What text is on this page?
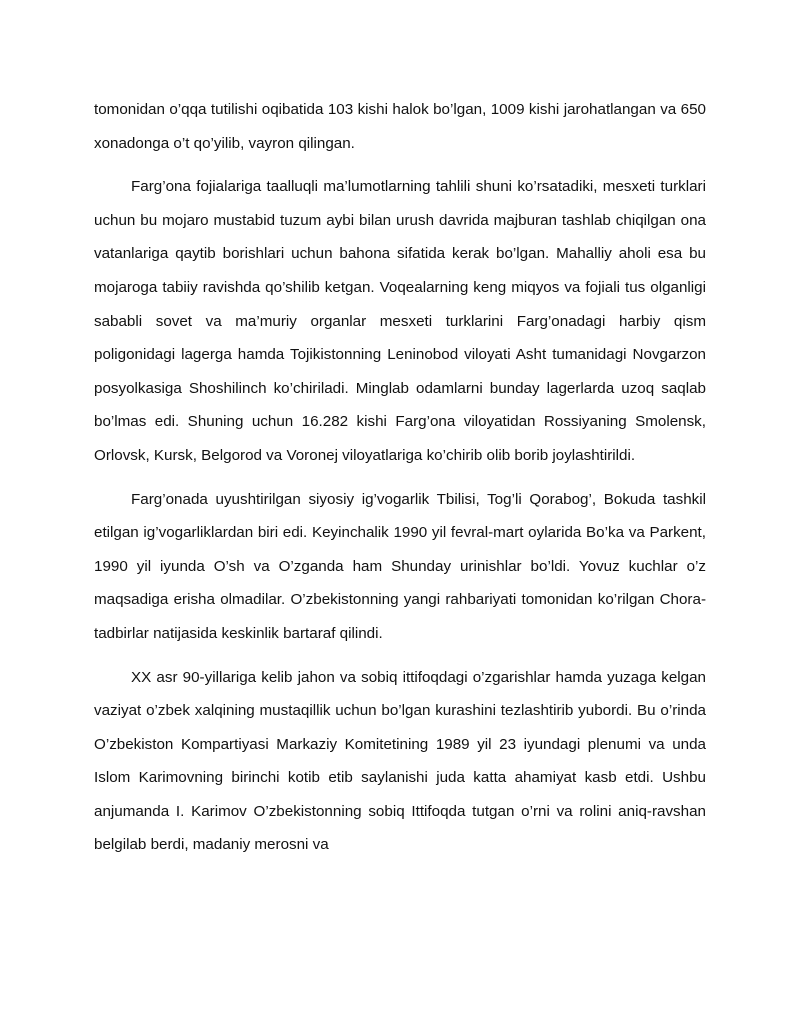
tomonidan o’qqa tutilishi oqibatida 103 kishi halok bo’lgan, 1009 kishi jarohatlangan va 650 xonadonga o’t qo’yilib, vayron qilingan.

Farg’ona fojialariga taalluqli ma’lumotlarning tahlili shuni ko’rsatadiki, mesxeti turklari uchun bu mojaro mustabid tuzum aybi bilan urush davrida majburan tashlab chiqilgan ona vatanlariga qaytib borishlari uchun bahona sifatida kerak bo’lgan. Mahalliy aholi esa bu mojaroga tabiiy ravishda qo’shilib ketgan. Voqealarning keng miqyos va fojiali tus olganligi sababli sovet va ma’muriy organlar mesxeti turklarini Farg’onadagi harbiy qism poligonidagi lagerga hamda Tojikistonning Leninobod viloyati Asht tumanidagi Novgarzon posyolkasiga Shoshilinch ko’chiriladi. Minglab odamlarni bunday lagerlarda uzoq saqlab bo’lmas edi. Shuning uchun 16.282 kishi Farg’ona viloyatidan Rossiyaning Smolensk, Orlovsk, Kursk, Belgorod va Voronej viloyatlariga ko’chirib olib borib joylashtirildi.

Farg’onada uyushtirilgan siyosiy ig’vogarlik Tbilisi, Tog’li Qorabog’, Bokuda tashkil etilgan ig’vogarliklardan biri edi. Keyinchalik 1990 yil fevral-mart oylarida Bo’ka va Parkent, 1990 yil iyunda O’sh va O’zganda ham Shunday urinishlar bo’ldi. Yovuz kuchlar o’z maqsadiga erisha olmadilar. O’zbekistonning yangi rahbariyati tomonidan ko’rilgan Chora-tadbirlar natijasida keskinlik bartaraf qilindi.

XX asr 90-yillariga kelib jahon va sobiq ittifoqdagi o’zgarishlar hamda yuzaga kelgan vaziyat o’zbek xalqining mustaqillik uchun bo’lgan kurashini tezlashtirib yubordi. Bu o’rinda O’zbekiston Kompartiyasi Markaziy Komitetining 1989 yil 23 iyundagi plenumi va unda Islom Karimovning birinchi kotib etib saylanishi juda katta ahamiyat kasb etdi. Ushbu anjumanda I. Karimov O’zbekistonning sobiq Ittifoqda tutgan o’rni va rolini aniq-ravshan belgilab berdi, madaniy merosni va
